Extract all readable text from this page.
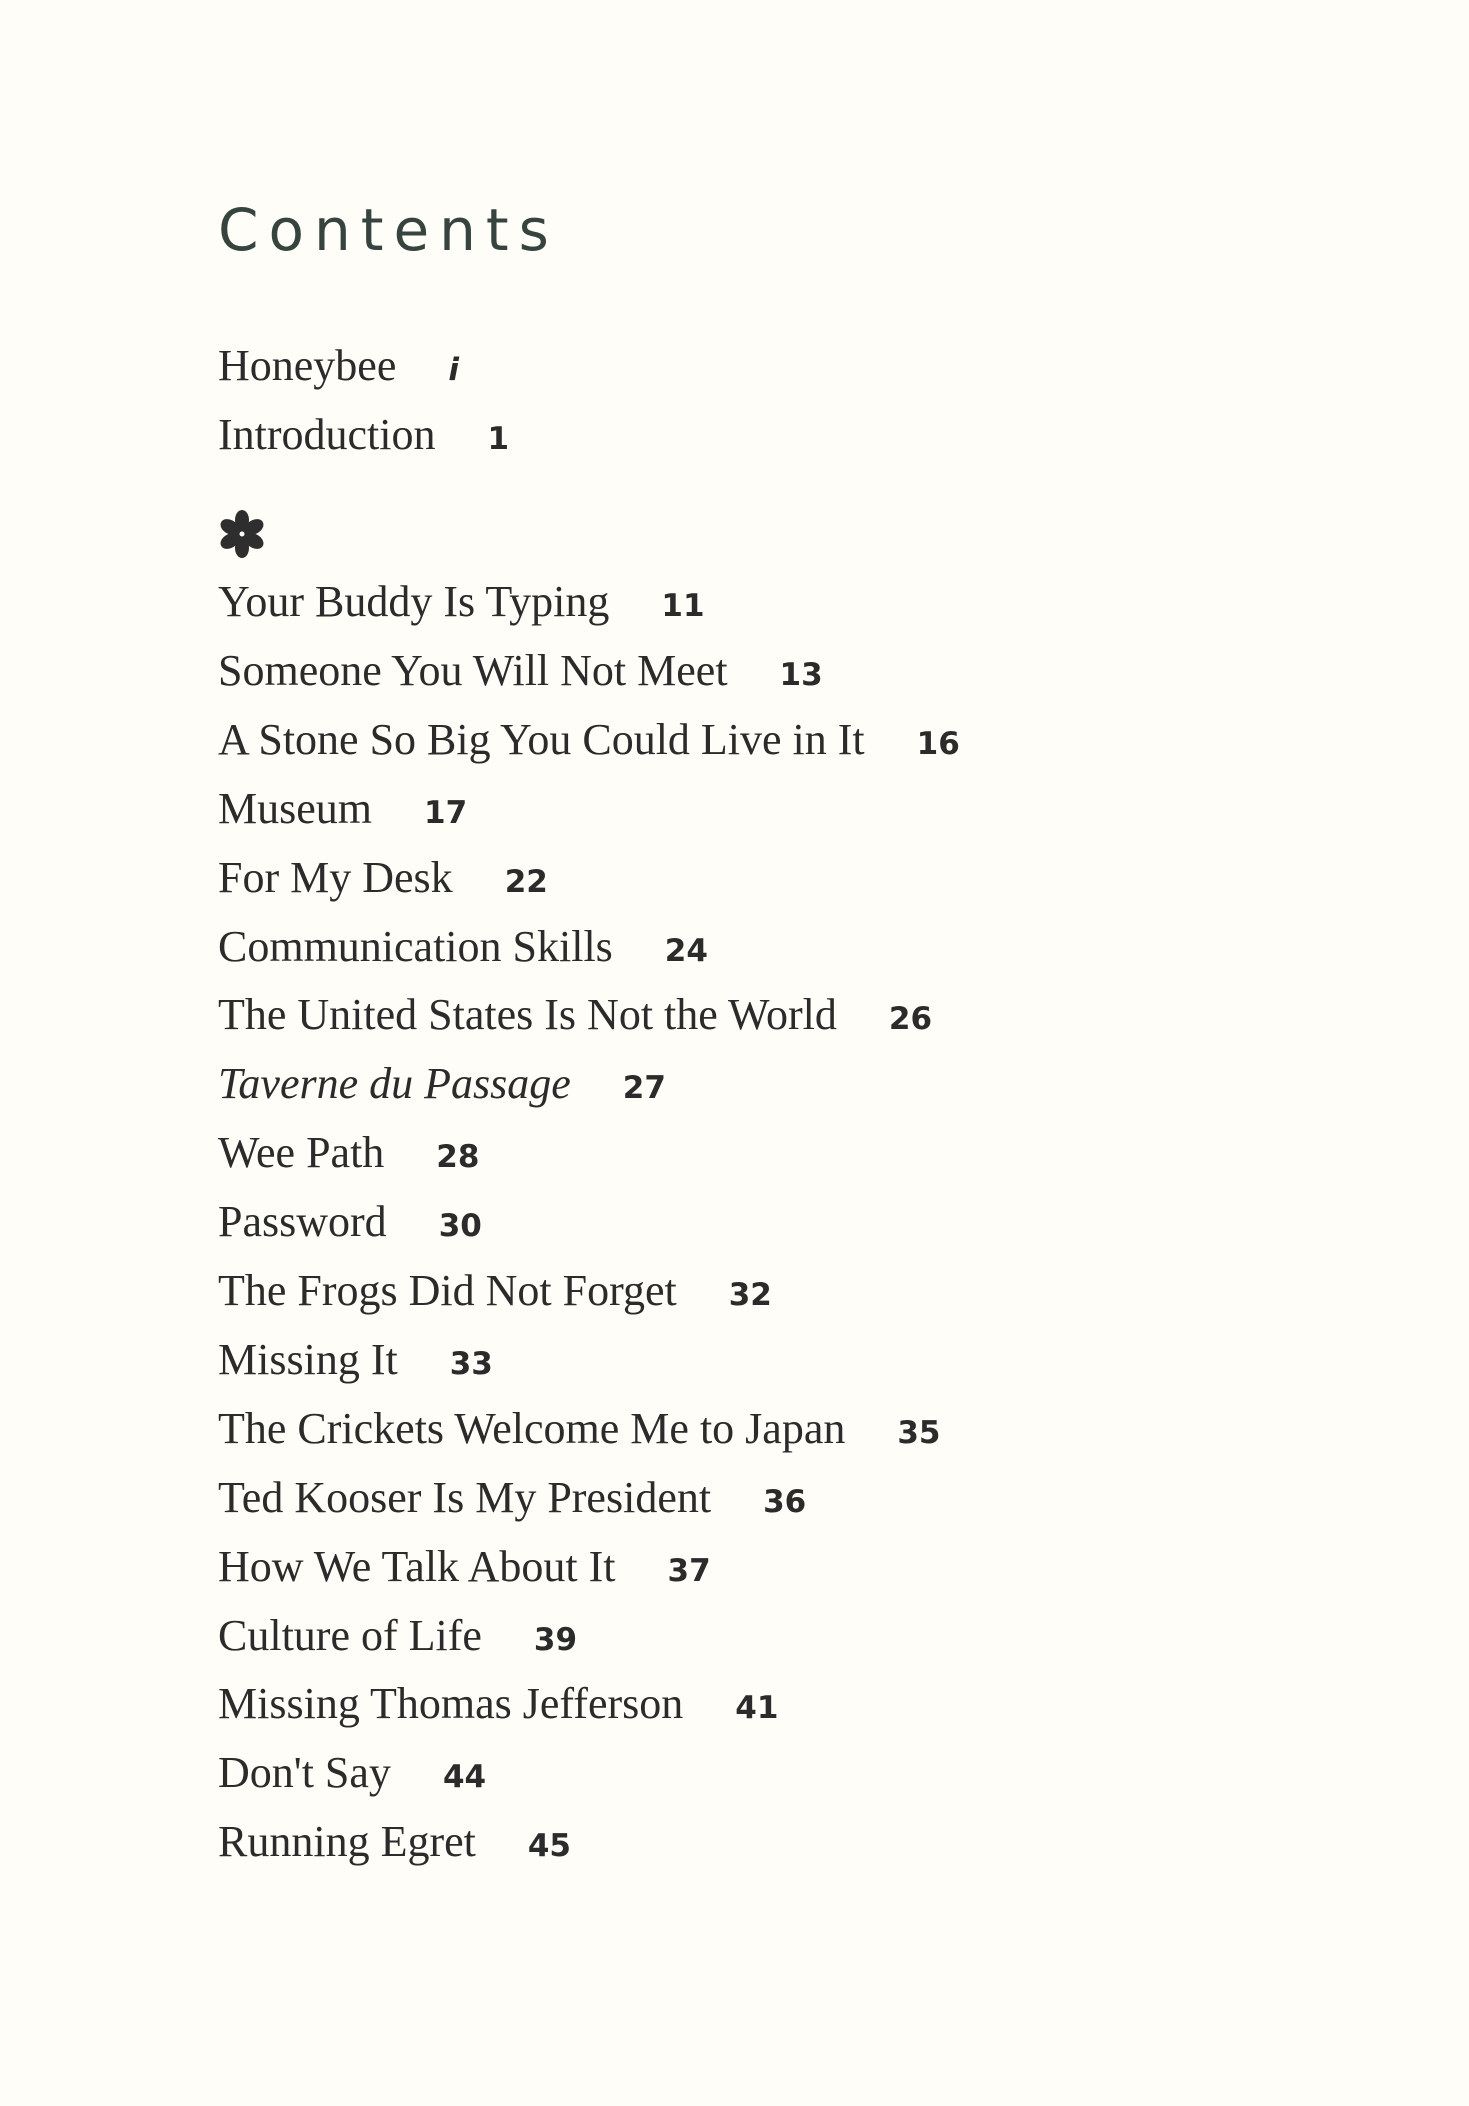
Contents
Honeybee i
Introduction 1
Your Buddy Is Typing 11
Someone You Will Not Meet 13
A Stone So Big You Could Live in It 16
Museum 17
For My Desk 22
Communication Skills 24
The United States Is Not the World 26
Taverne du Passage 27
Wee Path 28
Password 30
The Frogs Did Not Forget 32
Missing It 33
The Crickets Welcome Me to Japan 35
Ted Kooser Is My President 36
How We Talk About It 37
Culture of Life 39
Missing Thomas Jefferson 41
Don't Say 44
Running Egret 45
